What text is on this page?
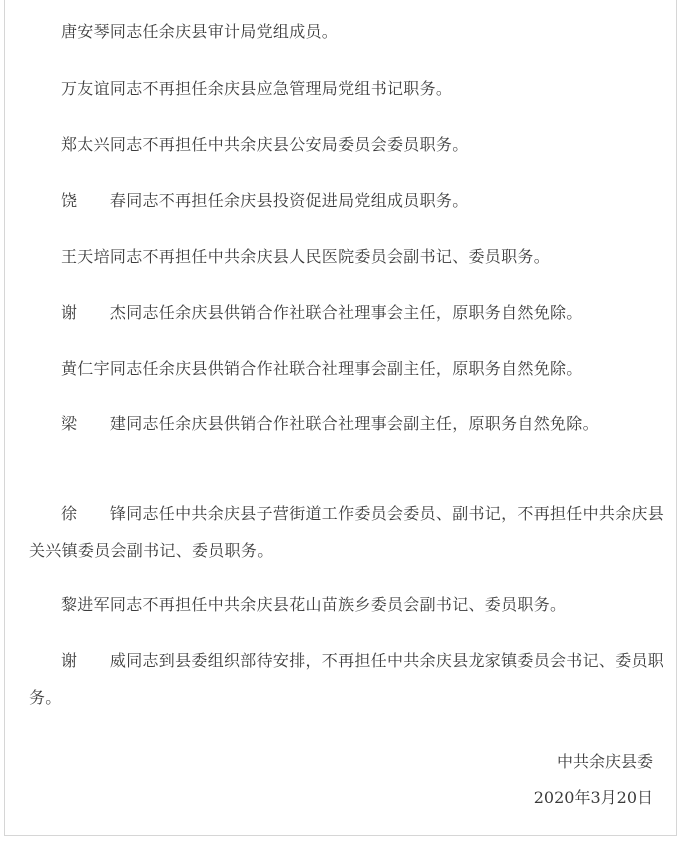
唐安琴同志任余庆县审计局党组成员。

万友谊同志不再担任余庆县应急管理局党组书记职务。

郑太兴同志不再担任中共余庆县公安局委员会委员职务。

饶　　春同志不再担任余庆县投资促进局党组成员职务。

王天培同志不再担任中共余庆县人民医院委员会副书记、委员职务。

谢　　杰同志任余庆县供销合作社联合社理事会主任，原职务自然免除。

黄仁宇同志任余庆县供销合作社联合社理事会副主任，原职务自然免除。

梁　　建同志任余庆县供销合作社联合社理事会副主任，原职务自然免除。

徐　　锋同志任中共余庆县子营街道工作委员会委员、副书记，不再担任中共余庆县关兴镇委员会副书记、委员职务。

黎进军同志不再担任中共余庆县花山苗族乡委员会副书记、委员职务。

谢　　威同志到县委组织部待安排，不再担任中共余庆县龙家镇委员会书记、委员职务。

中共余庆县委

2020年3月20日
